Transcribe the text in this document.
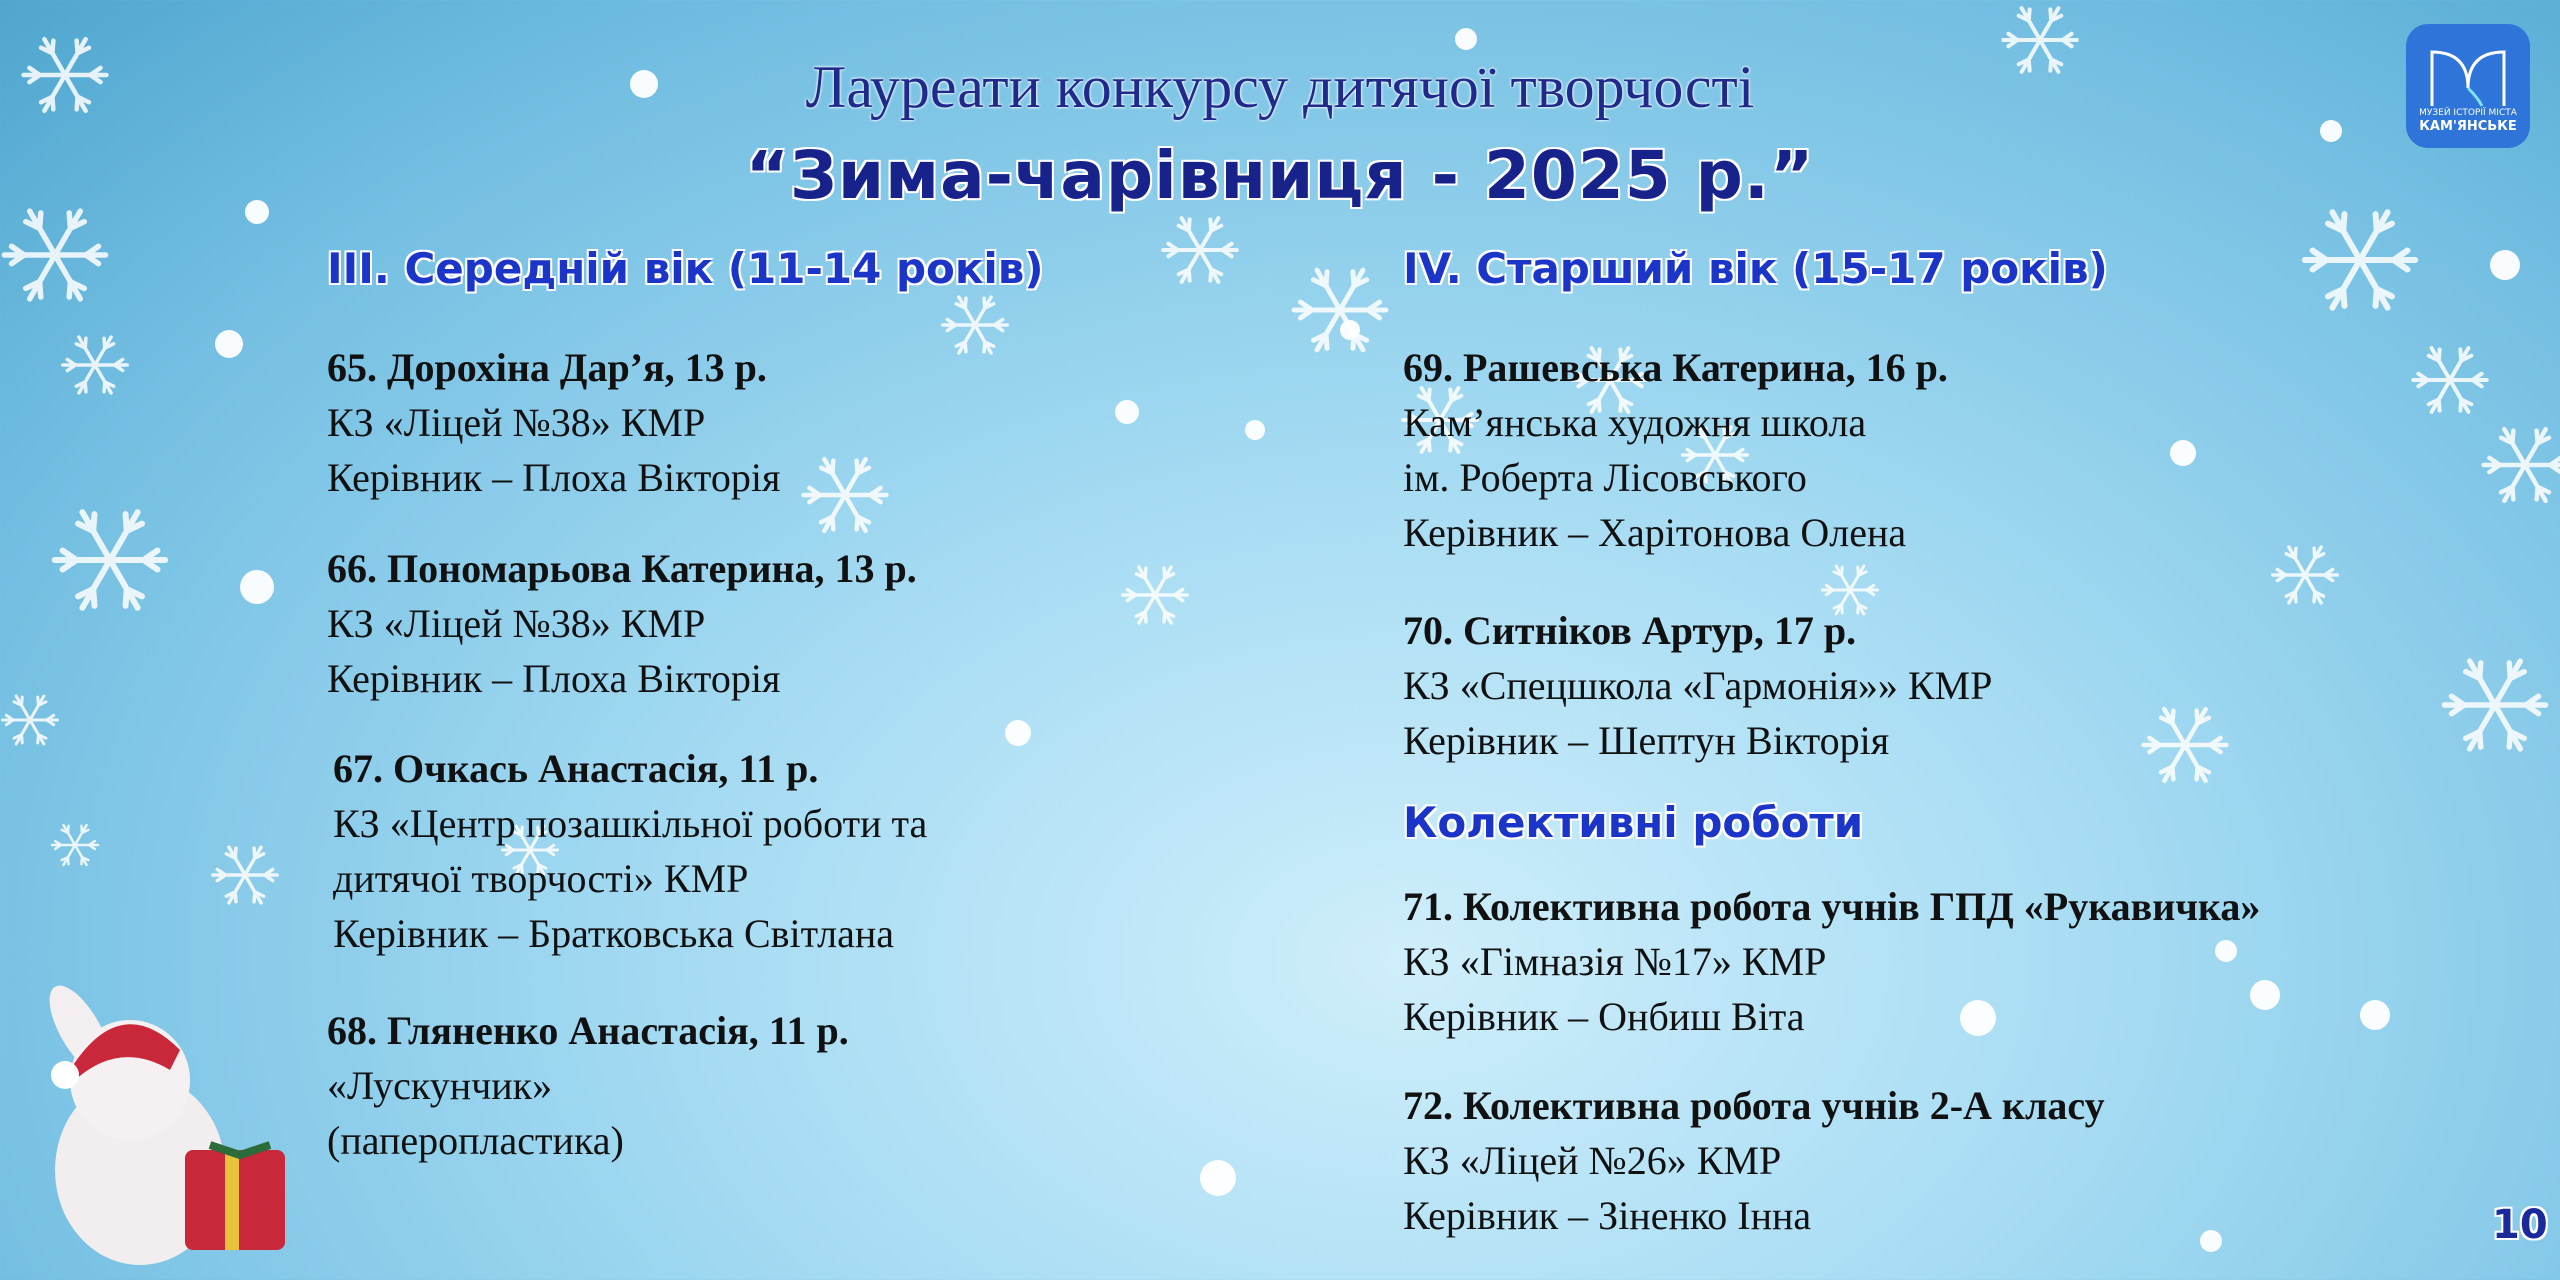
МУЗЕЙ ІСТОРІЇ МІСТА
КАМ'ЯНСЬКЕ
Лауреати конкурсу дитячої творчості
“Зима-чарівниця - 2025 р.”
III. Середній вік (11-14 років)	IV. Старший вік (15-17 років)
Колективні роботи
65. Дорохіна Дар’я, 13 р.
КЗ «Ліцей №38» КМР
Керівник – Плоха Вікторія
66. Пономарьова Катерина, 13 р.
КЗ «Ліцей №38» КМР
Керівник – Плоха Вікторія
67. Очкась Анастасія, 11 р.
КЗ «Центр позашкільної роботи та
дитячої творчості» КМР
Керівник – Братковська Світлана
68. Гляненко Анастасія, 11 р.
«Лускунчик»
(паперопластика)
69. Рашевська Катерина, 16 р.
Кам’янська художня школа
ім. Роберта Лісовського
Керівник – Харітонова Олена
70. Ситніков Артур, 17 р.
КЗ «Спецшкола «Гармонія»» КМР
Керівник – Шептун Вікторія
71. Колективна робота учнів ГПД «Рукавичка»
КЗ «Гімназія №17» КМР
Керівник – Онбиш Віта
72. Колективна робота учнів 2-А класу
КЗ «Ліцей №26» КМР
Керівник – Зіненко Інна	10
